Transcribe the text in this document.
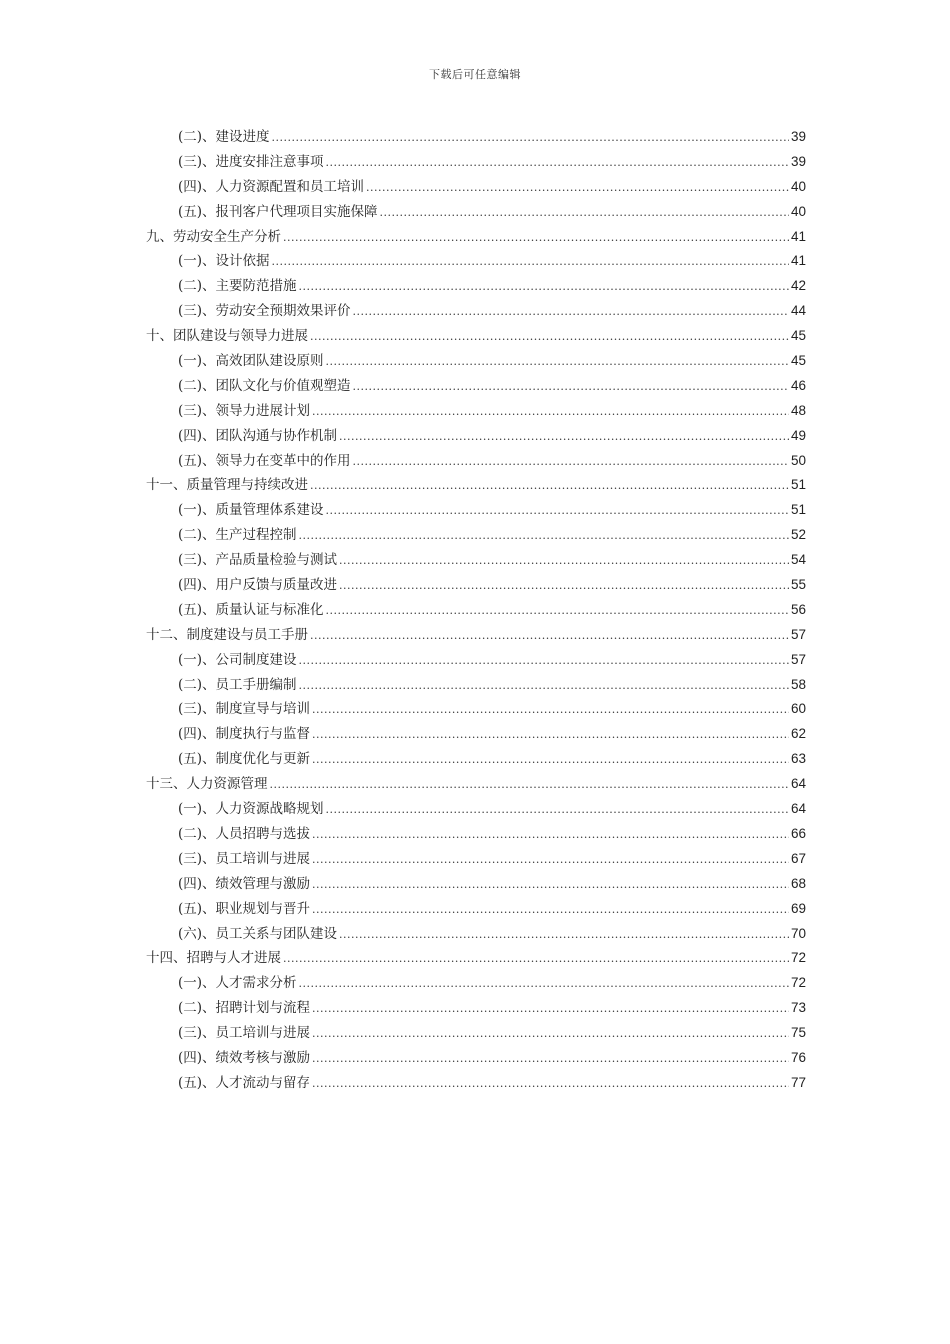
下载后可任意编辑
(二)、建设进度 .....	39
(三)、进度安排注意事项 .....	39
(四)、人力资源配置和员工培训 .....	40
(五)、报刊客户代理项目实施保障 .....	40
九、劳动安全生产分析 .....	41
(一)、设计依据 .....	41
(二)、主要防范措施 .....	42
(三)、劳动安全预期效果评价 .....	44
十、团队建设与领导力进展 .....	45
(一)、高效团队建设原则 .....	45
(二)、团队文化与价值观塑造 .....	46
(三)、领导力进展计划 .....	48
(四)、团队沟通与协作机制 .....	49
(五)、领导力在变革中的作用 .....	50
十一、质量管理与持续改进 .....	51
(一)、质量管理体系建设 .....	51
(二)、生产过程控制 .....	52
(三)、产品质量检验与测试 .....	54
(四)、用户反馈与质量改进 .....	55
(五)、质量认证与标准化 .....	56
十二、制度建设与员工手册 .....	57
(一)、公司制度建设 .....	57
(二)、员工手册编制 .....	58
(三)、制度宣导与培训 .....	60
(四)、制度执行与监督 .....	62
(五)、制度优化与更新 .....	63
十三、人力资源管理 .....	64
(一)、人力资源战略规划 .....	64
(二)、人员招聘与选拔 .....	66
(三)、员工培训与进展 .....	67
(四)、绩效管理与激励 .....	68
(五)、职业规划与晋升 .....	69
(六)、员工关系与团队建设 .....	70
十四、招聘与人才进展 .....	72
(一)、人才需求分析 .....	72
(二)、招聘计划与流程 .....	73
(三)、员工培训与进展 .....	75
(四)、绩效考核与激励 .....	76
(五)、人才流动与留存 .....	77
